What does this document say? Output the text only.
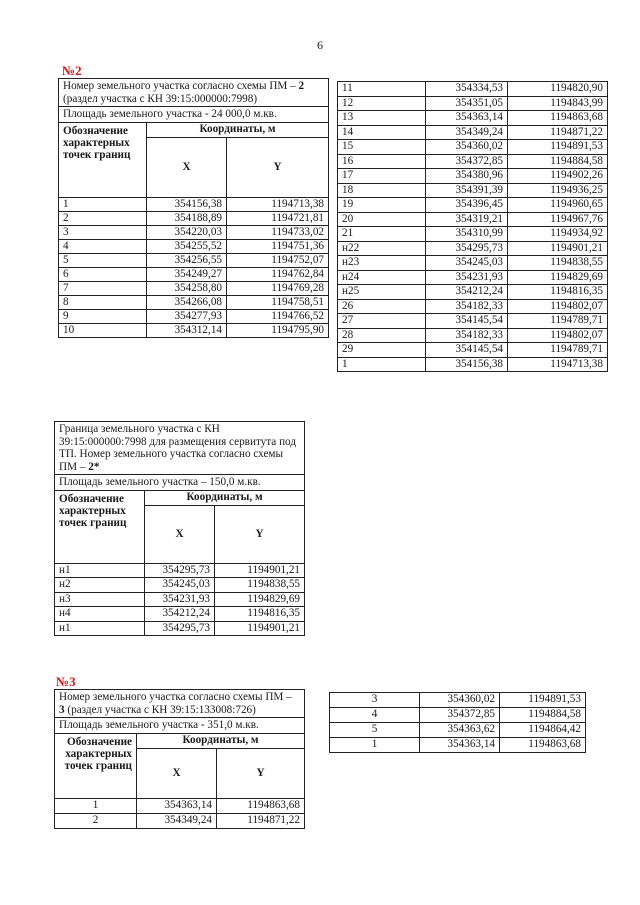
6
№2
Номер земельного участка согласно схемы ПМ – 2 (раздел участка с КН 39:15:000000:7998)		
Площадь земельного участка - 24 000,0 м.кв.		
Обозначение характерных точек границ	Координаты, м	
	X	Y
1	354156,38	1194713,38
2	354188,89	1194721,81
3	354220,03	1194733,02
4	354255,52	1194751,36
5	354256,55	1194752,07
6	354249,27	1194762,84
7	354258,80	1194769,28
8	354266,08	1194758,51
9	354277,93	1194766,52
10	354312,14	1194795,90
11	354334,53	1194820,90
12	354351,05	1194843,99
13	354363,14	1194863,68
14	354349,24	1194871,22
15	354360,02	1194891,53
16	354372,85	1194884,58
17	354380,96	1194902,26
18	354391,39	1194936,25
19	354396,45	1194960,65
20	354319,21	1194967,76
21	354310,99	1194934,92
н22	354295,73	1194901,21
н23	354245,03	1194838,55
н24	354231,93	1194829,69
н25	354212,24	1194816,35
26	354182,33	1194802,07
27	354145,54	1194789,71
28	354182,33	1194802,07
29	354145,54	1194789,71
1	354156,38	1194713,38
Граница земельного участка с КН 39:15:000000:7998 для размещения сервитута под ТП. Номер земельного участка согласно схемы ПМ – 2*		
Площадь земельного участка – 150,0 м.кв.		
Обозначение характерных точек границ	Координаты, м	
	X	Y
н1	354295,73	1194901,21
н2	354245,03	1194838,55
н3	354231,93	1194829,69
н4	354212,24	1194816,35
н1	354295,73	1194901,21
№3
Номер земельного участка согласно схемы ПМ – 3 (раздел участка с КН 39:15:133008:726)		
Площадь земельного участка - 351,0 м.кв.		
Обозначение характерных точек границ	Координаты, м	
	X	Y
1	354363,14	1194863,68
2	354349,24	1194871,22
3	354360,02	1194891,53
4	354372,85	1194884,58
5	354363,62	1194864,42
1	354363,14	1194863,68
